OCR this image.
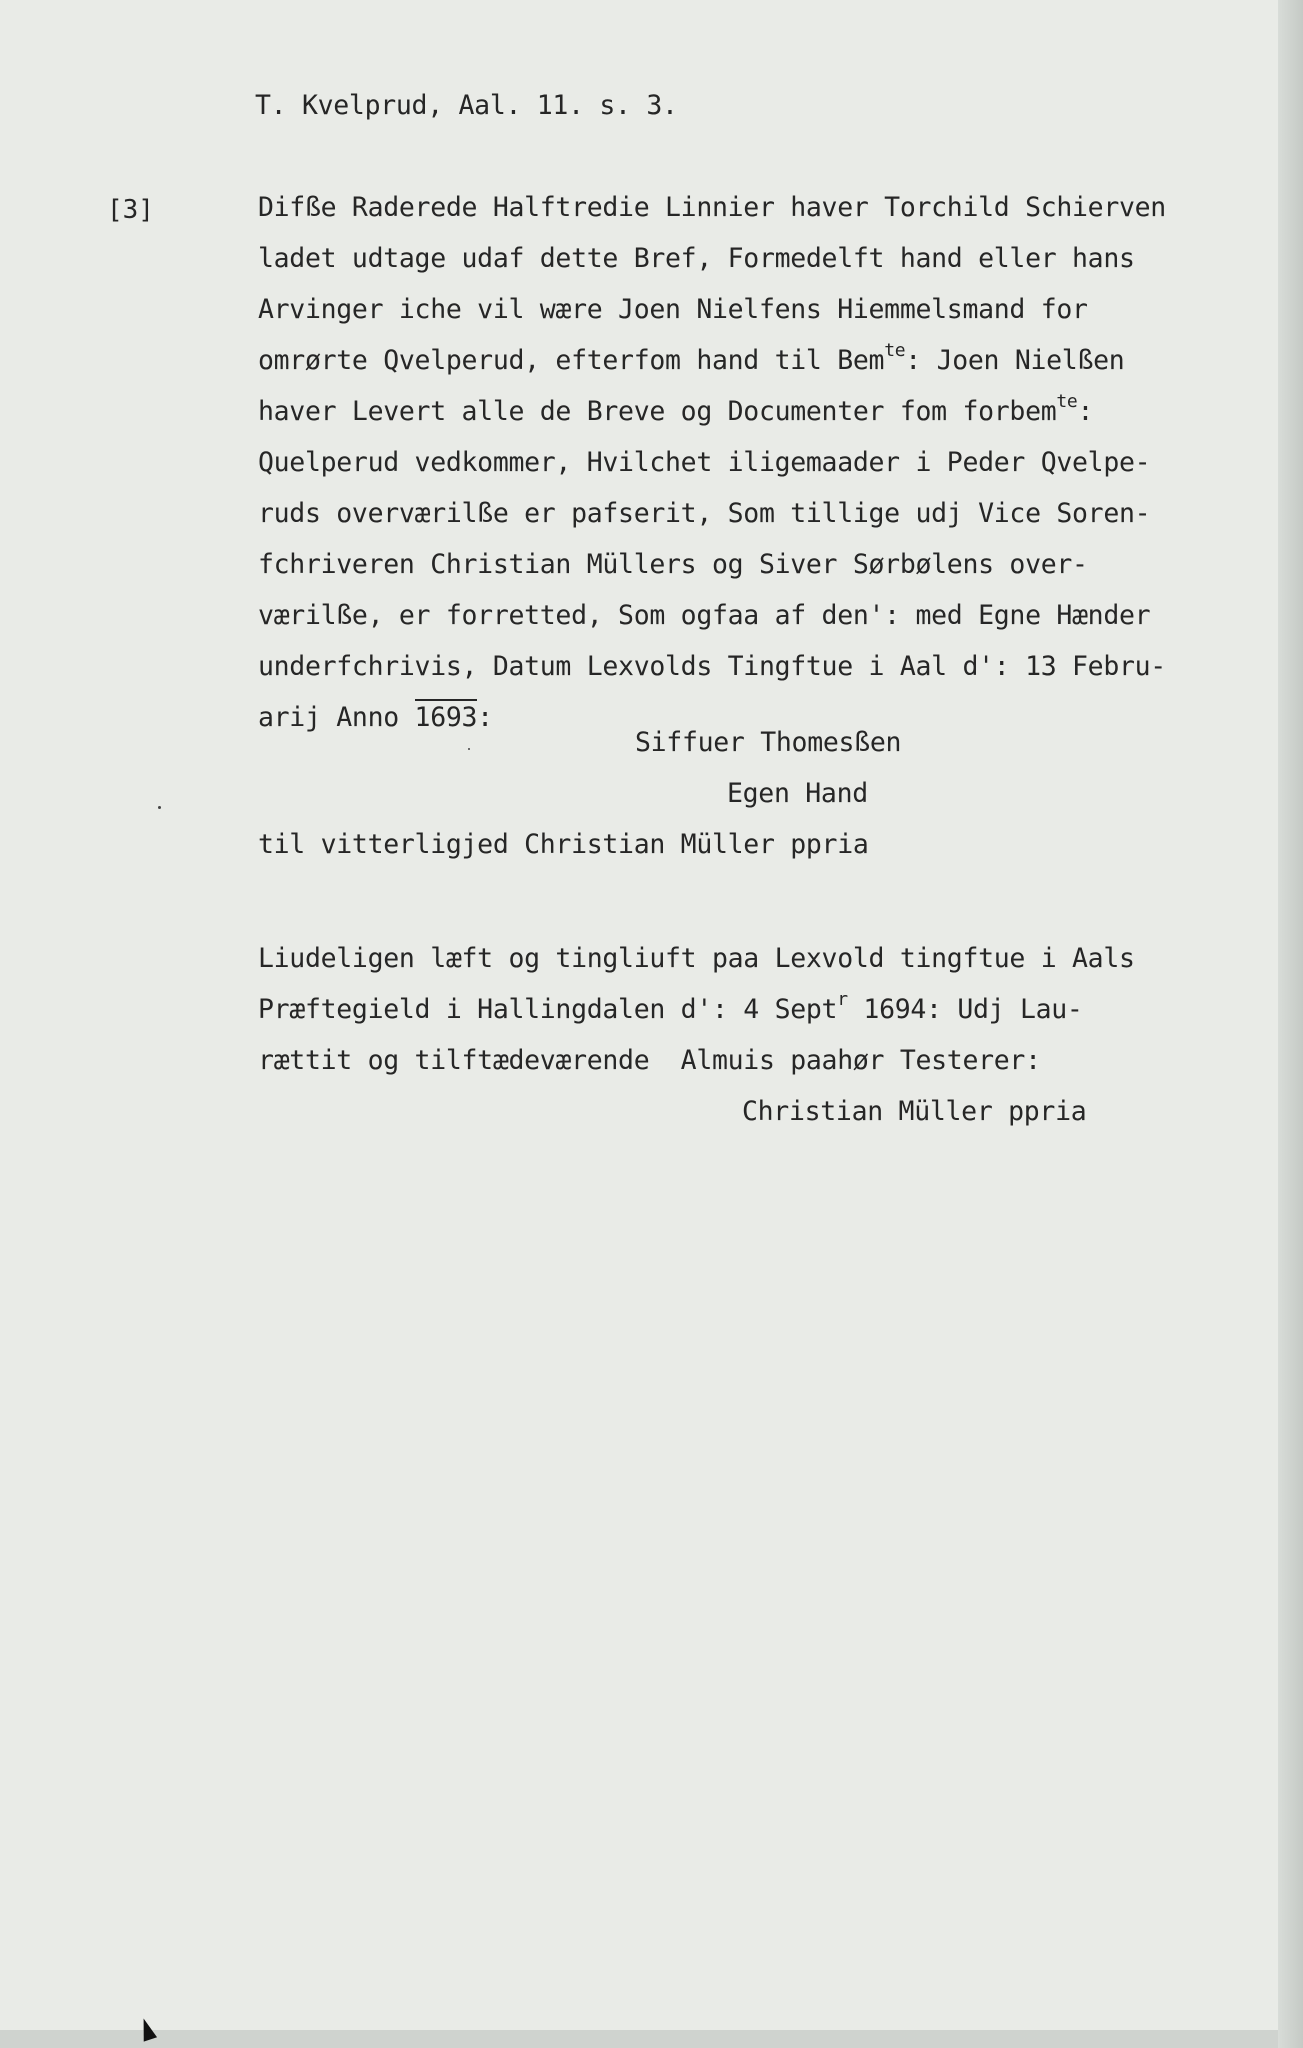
T. Kvelprud, Aal. 11. s. 3.
[3]	Difße Raderede Halftredie Linnier haver Torchild Schierven
ladet udtage udaf dette Bref, Formedelft hand eller hans
Arvinger iche vil wære Joen Nielfens Hiemmelsmand for
omrørte Qvelperud, efterfom hand til Bem$^{te}$: Joen Nielßen
haver Levert alle de Breve og Documenter fom forbem$^{te}$:
Quelperud vedkommer, Hvilchet iligemaader i Peder Qvelpe-
ruds overværilße er pafserit, Som tillige udj Vice Soren-
fchriveren Christian Müllers og Siver Sørbølens over-
værilße, er forretted, Som ogfaa af den': med Egne Hænder
underfchrivis, Datum Lexvolds Tingftue i Aal d': 13 Febru-
arij Anno 1693:
Siffuer Thomesßen
Egen Hand
til vitterligjed Christian Müller ppria
Liudeligen læft og tingliuft paa Lexvold tingftue i Aals
Præftegield i Hallingdalen d': 4 Sept$^r$ 1694: Udj Lau-
rættit og tilftædeværende  Almuis paahør Testerer:
Christian Müller ppria
